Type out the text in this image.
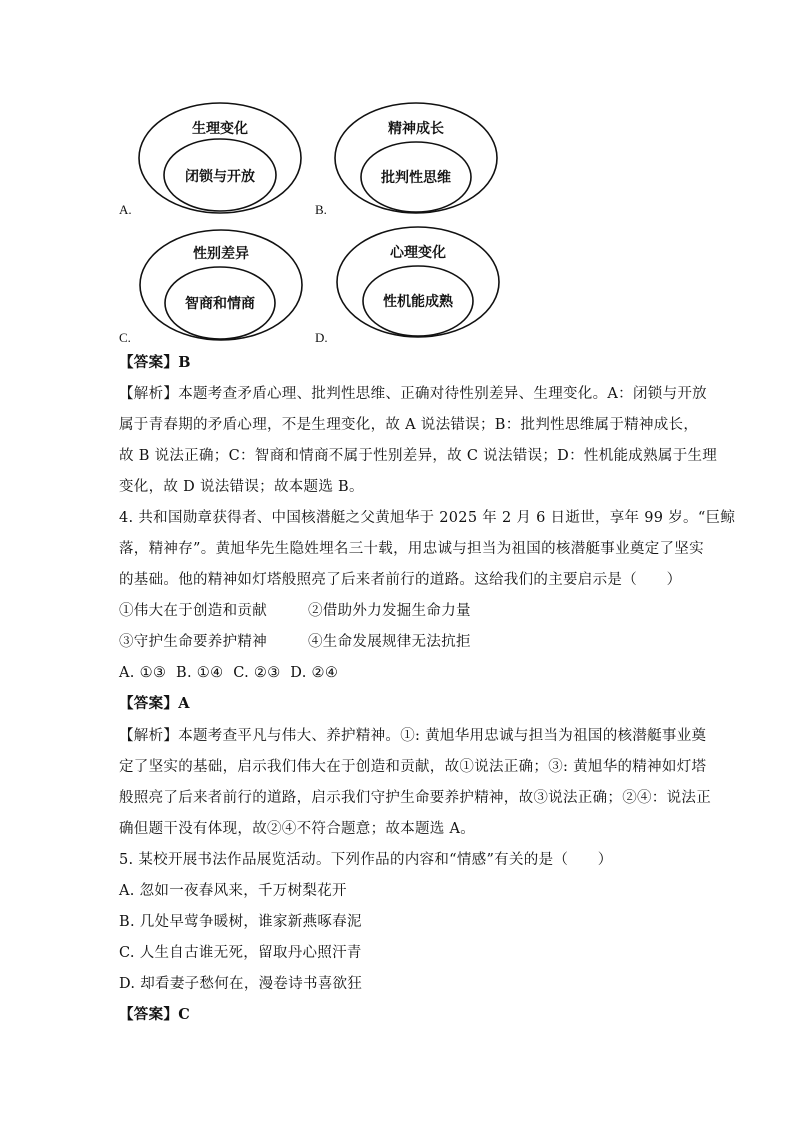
生理变化
闭锁与开放
A.
精神成长
批判性思维
B.
性别差异
智商和情商
C.
心理变化
性机能成熟
D.
【答案】B
【解析】本题考查矛盾心理、批判性思维、正确对待性别差异、生理变化。A：闭锁与开放
属于青春期的矛盾心理，不是生理变化，故 A 说法错误；B：批判性思维属于精神成长，
故 B 说法正确；C：智商和情商不属于性别差异，故 C 说法错误；D：性机能成熟属于生理
变化，故 D 说法错误；故本题选 B。
4. 共和国勋章获得者、中国核潜艇之父黄旭华于 2025 年 2 月 6 日逝世，享年 99 岁。“巨鲸
落，精神存”。黄旭华先生隐姓埋名三十载，用忠诚与担当为祖国的核潜艇事业奠定了坚实
的基础。他的精神如灯塔般照亮了后来者前行的道路。这给我们的主要启示是（　　）
①伟大在于创造和贡献	②借助外力发掘生命力量
③守护生命要养护精神	④生命发展规律无法抗拒
A. ①③  B. ①④  C. ②③  D. ②④
【答案】A
【解析】本题考查平凡与伟大、养护精神。①: 黄旭华用忠诚与担当为祖国的核潜艇事业奠
定了坚实的基础，启示我们伟大在于创造和贡献，故①说法正确；③: 黄旭华的精神如灯塔
般照亮了后来者前行的道路，启示我们守护生命要养护精神，故③说法正确；②④：说法正
确但题干没有体现，故②④不符合题意；故本题选 A。
5. 某校开展书法作品展览活动。下列作品的内容和“情感”有关的是（　　）
A. 忽如一夜春风来，千万树梨花开
B. 几处早莺争暖树，谁家新燕啄春泥
C. 人生自古谁无死，留取丹心照汗青
D. 却看妻子愁何在，漫卷诗书喜欲狂
【答案】C
